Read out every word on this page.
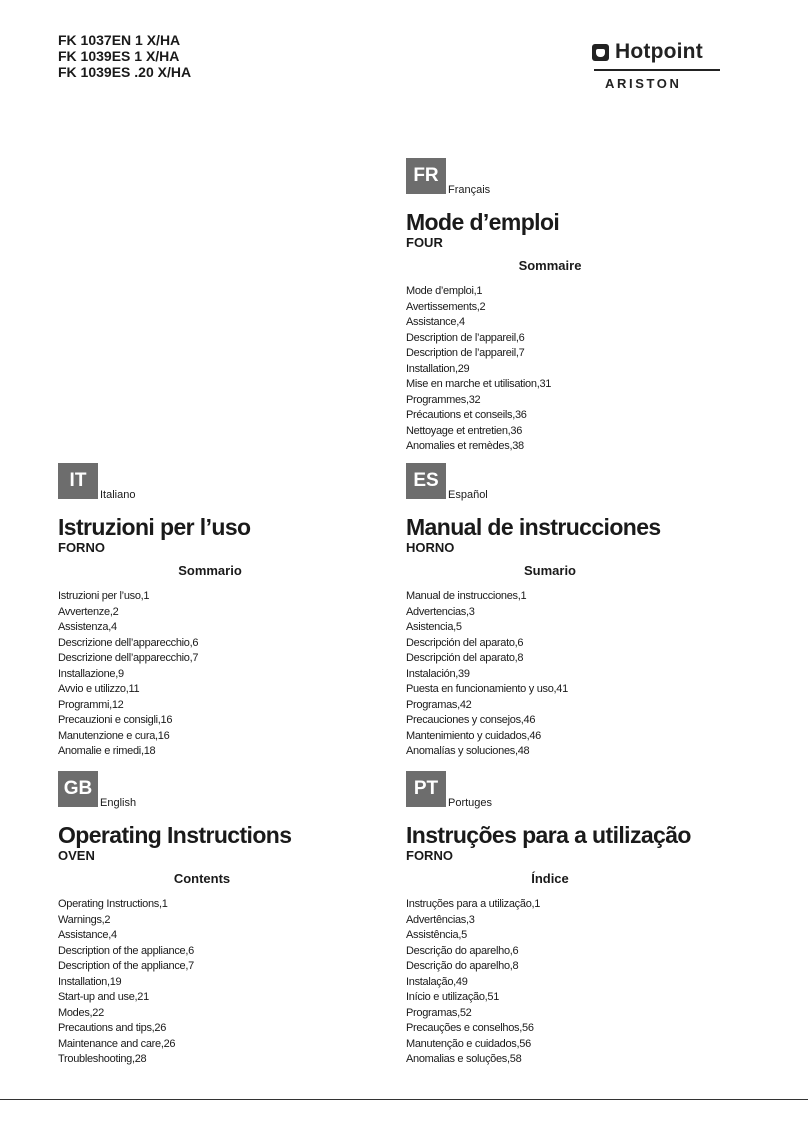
FK 1037EN 1 X/HA
FK 1039ES 1 X/HA
FK 1039ES .20 X/HA
Hotpoint
ARISTON
FR
Français
Mode d’emploi
FOUR
Sommaire
Mode d’emploi,1
Avertissements,2
Assistance,4
Description de l’appareil,6
Description de l’appareil,7
Installation,29
Mise en marche et utilisation,31
Programmes,32
Précautions et conseils,36
Nettoyage et entretien,36
Anomalies et remèdes,38
IT
Italiano
Istruzioni per l’uso
FORNO
Sommario
Istruzioni per l’uso,1
Avvertenze,2
Assistenza,4
Descrizione dell’apparecchio,6
Descrizione dell’apparecchio,7
Installazione,9
Avvio e utilizzo,11
Programmi,12
Precauzioni e consigli,16
Manutenzione e cura,16
Anomalie e rimedi,18
ES
Español
Manual de instrucciones
HORNO
Sumario
Manual de instrucciones,1
Advertencias,3
Asistencia,5
Descripción del aparato,6
Descripción del aparato,8
Instalación,39
Puesta en funcionamiento y uso,41
Programas,42
Precauciones y consejos,46
Mantenimiento y cuidados,46
Anomalías y soluciones,48
GB
English
Operating Instructions
OVEN
Contents
Operating Instructions,1
Warnings,2
Assistance,4
Description of the appliance,6
Description of the appliance,7
Installation,19
Start-up and use,21
Modes,22
Precautions and tips,26
Maintenance and care,26
Troubleshooting,28
PT
Portuges
Instruções para a utilização
FORNO
Índice
Instruções para a utilização,1
Advertências,3
Assistência,5
Descrição do aparelho,6
Descrição do aparelho,8
Instalação,49
Início e utilização,51
Programas,52
Precauções e conselhos,56
Manutenção e cuidados,56
Anomalias e soluções,58
